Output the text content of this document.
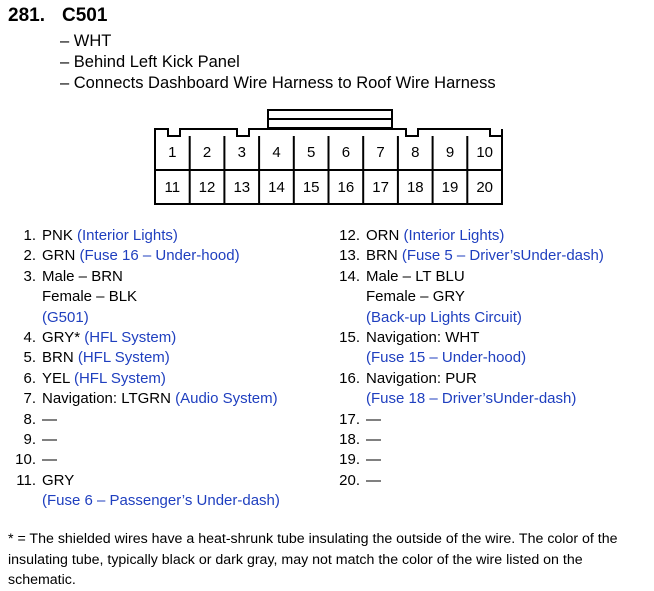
281. C501
– WHT
– Behind Left Kick Panel
– Connects Dashboard Wire Harness to Roof Wire Harness
1 2 3 4 5 6 7 8 9 10
11 12 13 14 15 16 17 18 19 20
1. PNK (Interior Lights)
2. GRN (Fuse 16 – Under-hood)
3. Male – BRN
Female – BLK
(G501)
4. GRY* (HFL System)
5. BRN (HFL System)
6. YEL (HFL System)
7. Navigation: LTGRN (Audio System)
8. —
9. —
10. —
11. GRY
(Fuse 6 – Passenger’s Under-dash)
12. ORN (Interior Lights)
13. BRN (Fuse 5 – Driver’sUnder-dash)
14. Male – LT BLU
Female – GRY
(Back-up Lights Circuit)
15. Navigation: WHT
(Fuse 15 – Under-hood)
16. Navigation: PUR
(Fuse 18 – Driver’sUnder-dash)
17. —
18. —
19. —
20. —
* = The shielded wires have a heat-shrunk tube insulating the outside of the wire. The color of the insulating tube, typically black or dark gray, may not match the color of the wire listed on the schematic.
